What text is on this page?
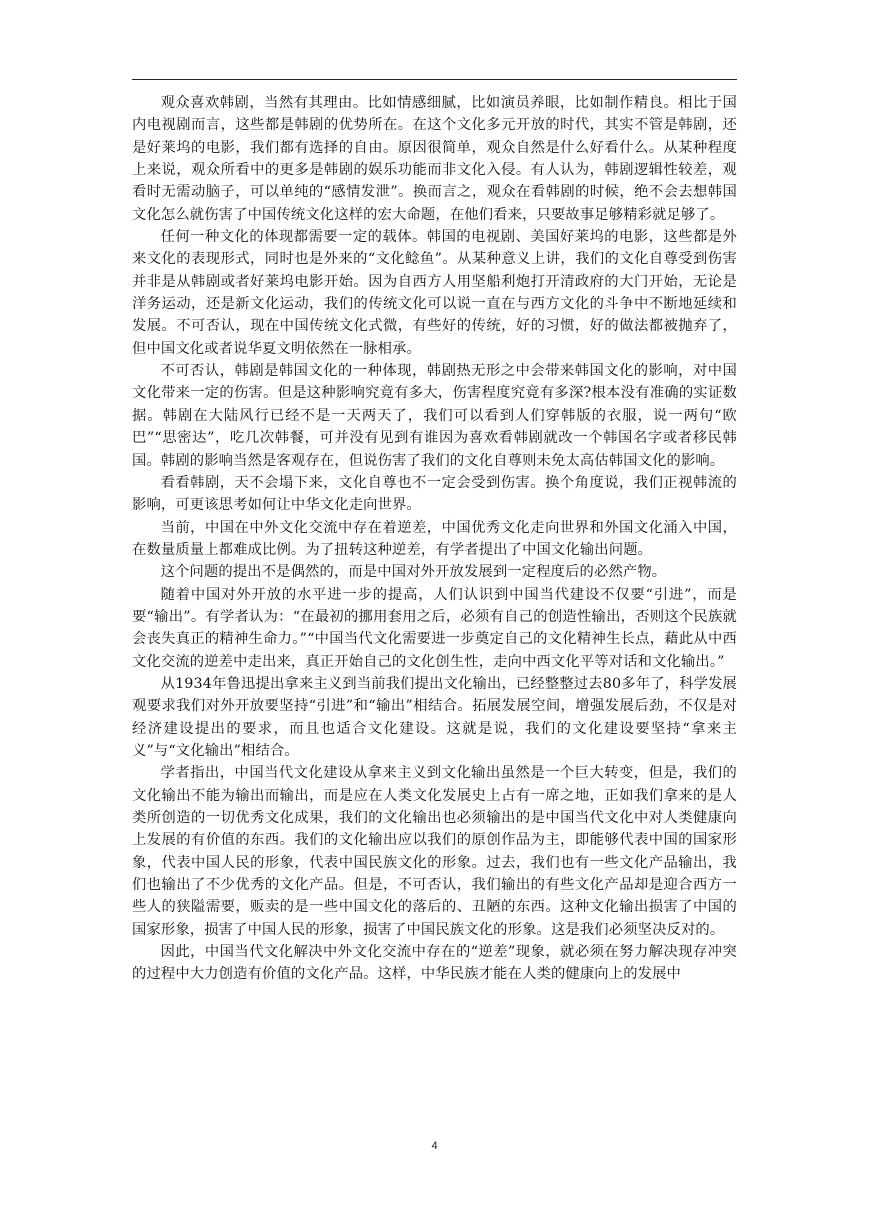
观众喜欢韩剧，当然有其理由。比如情感细腻，比如演员养眼，比如制作精良。相比于国内电视剧而言，这些都是韩剧的优势所在。在这个文化多元开放的时代，其实不管是韩剧，还是好莱坞的电影，我们都有选择的自由。原因很简单，观众自然是什么好看什么。从某种程度上来说，观众所看中的更多是韩剧的娱乐功能而非文化入侵。有人认为，韩剧逻辑性较差，观看时无需动脑子，可以单纯的“感情发泄”。换而言之，观众在看韩剧的时候，绝不会去想韩国文化怎么就伤害了中国传统文化这样的宏大命题，在他们看来，只要故事足够精彩就足够了。

任何一种文化的体现都需要一定的载体。韩国的电视剧、美国好莱坞的电影，这些都是外来文化的表现形式，同时也是外来的“文化鲶鱼”。从某种意义上讲，我们的文化自尊受到伤害并非是从韩剧或者好莱坞电影开始。因为自西方人用坚船利炮打开清政府的大门开始，无论是洋务运动，还是新文化运动，我们的传统文化可以说一直在与西方文化的斗争中不断地延续和发展。不可否认，现在中国传统文化式微，有些好的传统，好的习惯，好的做法都被抛弃了，但中国文化或者说华夏文明依然在一脉相承。

不可否认，韩剧是韩国文化的一种体现，韩剧热无形之中会带来韩国文化的影响，对中国文化带来一定的伤害。但是这种影响究竟有多大，伤害程度究竟有多深?根本没有准确的实证数据。韩剧在大陆风行已经不是一天两天了，我们可以看到人们穿韩版的衣服，说一两句“欧巴”“思密达”，吃几次韩餐，可并没有见到有谁因为喜欢看韩剧就改一个韩国名字或者移民韩国。韩剧的影响当然是客观存在，但说伤害了我们的文化自尊则未免太高估韩国文化的影响。

看看韩剧，天不会塌下来，文化自尊也不一定会受到伤害。换个角度说，我们正视韩流的影响，可更该思考如何让中华文化走向世界。

当前，中国在中外文化交流中存在着逆差，中国优秀文化走向世界和外国文化涌入中国，在数量质量上都难成比例。为了扭转这种逆差，有学者提出了中国文化输出问题。

这个问题的提出不是偶然的，而是中国对外开放发展到一定程度后的必然产物。

随着中国对外开放的水平进一步的提高，人们认识到中国当代建设不仅要“引进”，而是要“输出”。有学者认为：“在最初的挪用套用之后，必须有自己的创造性输出，否则这个民族就会丧失真正的精神生命力。”“中国当代文化需要进一步奠定自己的文化精神生长点，藉此从中西文化交流的逆差中走出来，真正开始自己的文化创生性，走向中西文化平等对话和文化输出。”

从1934年鲁迅提出拿来主义到当前我们提出文化输出，已经整整过去80多年了，科学发展观要求我们对外开放要坚持“引进”和“输出”相结合。拓展发展空间，增强发展后劲，不仅是对经济建设提出的要求，而且也适合文化建设。这就是说，我们的文化建设要坚持“拿来主义”与“文化输出”相结合。

学者指出，中国当代文化建设从拿来主义到文化输出虽然是一个巨大转变，但是，我们的文化输出不能为输出而输出，而是应在人类文化发展史上占有一席之地，正如我们拿来的是人类所创造的一切优秀文化成果，我们的文化输出也必须输出的是中国当代文化中对人类健康向上发展的有价值的东西。我们的文化输出应以我们的原创作品为主，即能够代表中国的国家形象，代表中国人民的形象，代表中国民族文化的形象。过去，我们也有一些文化产品输出，我们也输出了不少优秀的文化产品。但是，不可否认，我们输出的有些文化产品却是迎合西方一些人的狭隘需要，贩卖的是一些中国文化的落后的、丑陋的东西。这种文化输出损害了中国的国家形象，损害了中国人民的形象，损害了中国民族文化的形象。这是我们必须坚决反对的。

因此，中国当代文化解决中外文化交流中存在的“逆差”现象，就必须在努力解决现存冲突的过程中大力创造有价值的文化产品。这样，中华民族才能在人类的健康向上的发展中

4
